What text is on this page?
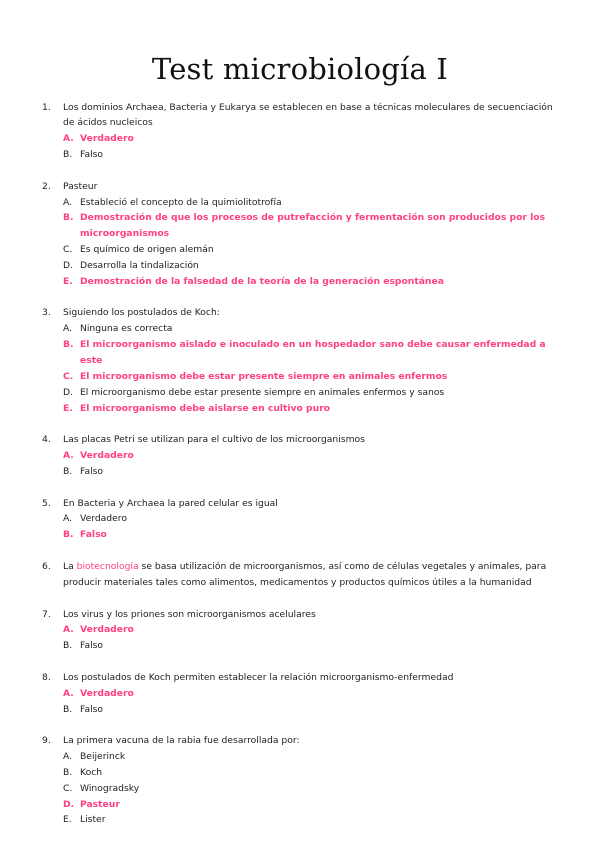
Test microbiología I
1.	Los dominios Archaea, Bacteria y Eukarya se establecen en base a técnicas moleculares de secuenciación de ácidos nucleicos
A. Verdadero
B. Falso
2.	Pasteur
A. Estableció el concepto de la quimiolitotrofía
B. Demostración de que los procesos de putrefacción y fermentación son producidos por los microorganismos
C. Es químico de origen alemán
D. Desarrolla la tindalización
E. Demostración de la falsedad de la teoría de la generación espontánea
3.	Siguiendo los postulados de Koch:
A. Ninguna es correcta
B. El microorganismo aislado e inoculado en un hospedador sano debe causar enfermedad a este
C. El microorganismo debe estar presente siempre en animales enfermos
D. El microorganismo debe estar presente siempre en animales enfermos y sanos
E. El microorganismo debe aislarse en cultivo puro
4.	Las placas Petri se utilizan para el cultivo de los microorganismos
A. Verdadero
B. Falso
5.	En Bacteria y Archaea la pared celular es igual
A. Verdadero
B. Falso
6.	La biotecnología se basa utilización de microorganismos, así como de células vegetales y animales, para producir materiales tales como alimentos, medicamentos y productos químicos útiles a la humanidad
7.	Los virus y los priones son microorganismos acelulares
A. Verdadero
B. Falso
8.	Los postulados de Koch permiten establecer la relación microorganismo-enfermedad
A. Verdadero
B. Falso
9.	La primera vacuna de la rabia fue desarrollada por:
A. Beijerinck
B. Koch
C. Winogradsky
D. Pasteur
E. Lister
